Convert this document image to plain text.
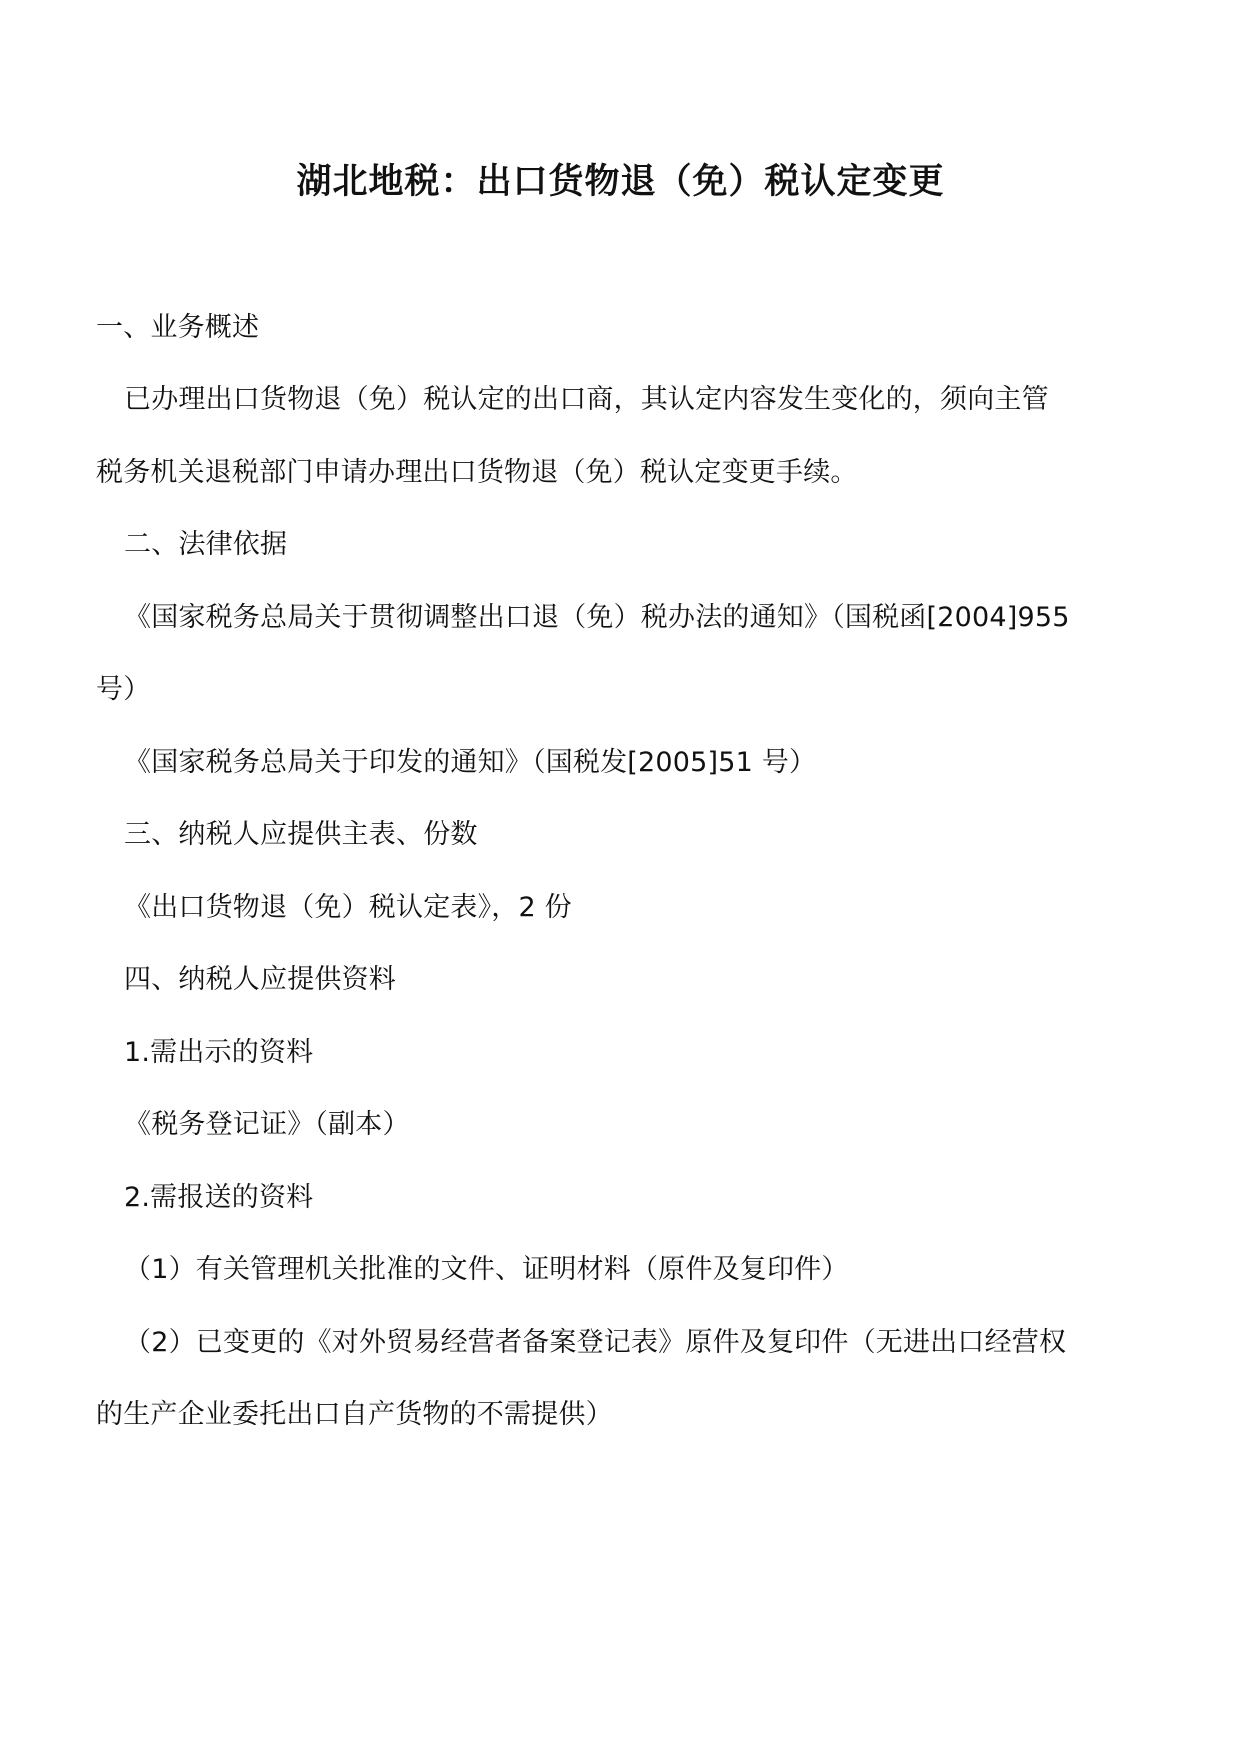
湖北地税：出口货物退（免）税认定变更

一、业务概述

已办理出口货物退（免）税认定的出口商，其认定内容发生变化的，须向主管

税务机关退税部门申请办理出口货物退（免）税认定变更手续。

二、法律依据

《国家税务总局关于贯彻调整出口退（免）税办法的通知》（国税函[2004]955

号）

《国家税务总局关于印发的通知》（国税发[2005]51 号）

三、纳税人应提供主表、份数

《出口货物退（免）税认定表》，2 份

四、纳税人应提供资料

1.需出示的资料

《税务登记证》（副本）

2.需报送的资料

（1）有关管理机关批准的文件、证明材料（原件及复印件）

（2）已变更的《对外贸易经营者备案登记表》原件及复印件（无进出口经营权

的生产企业委托出口自产货物的不需提供）
